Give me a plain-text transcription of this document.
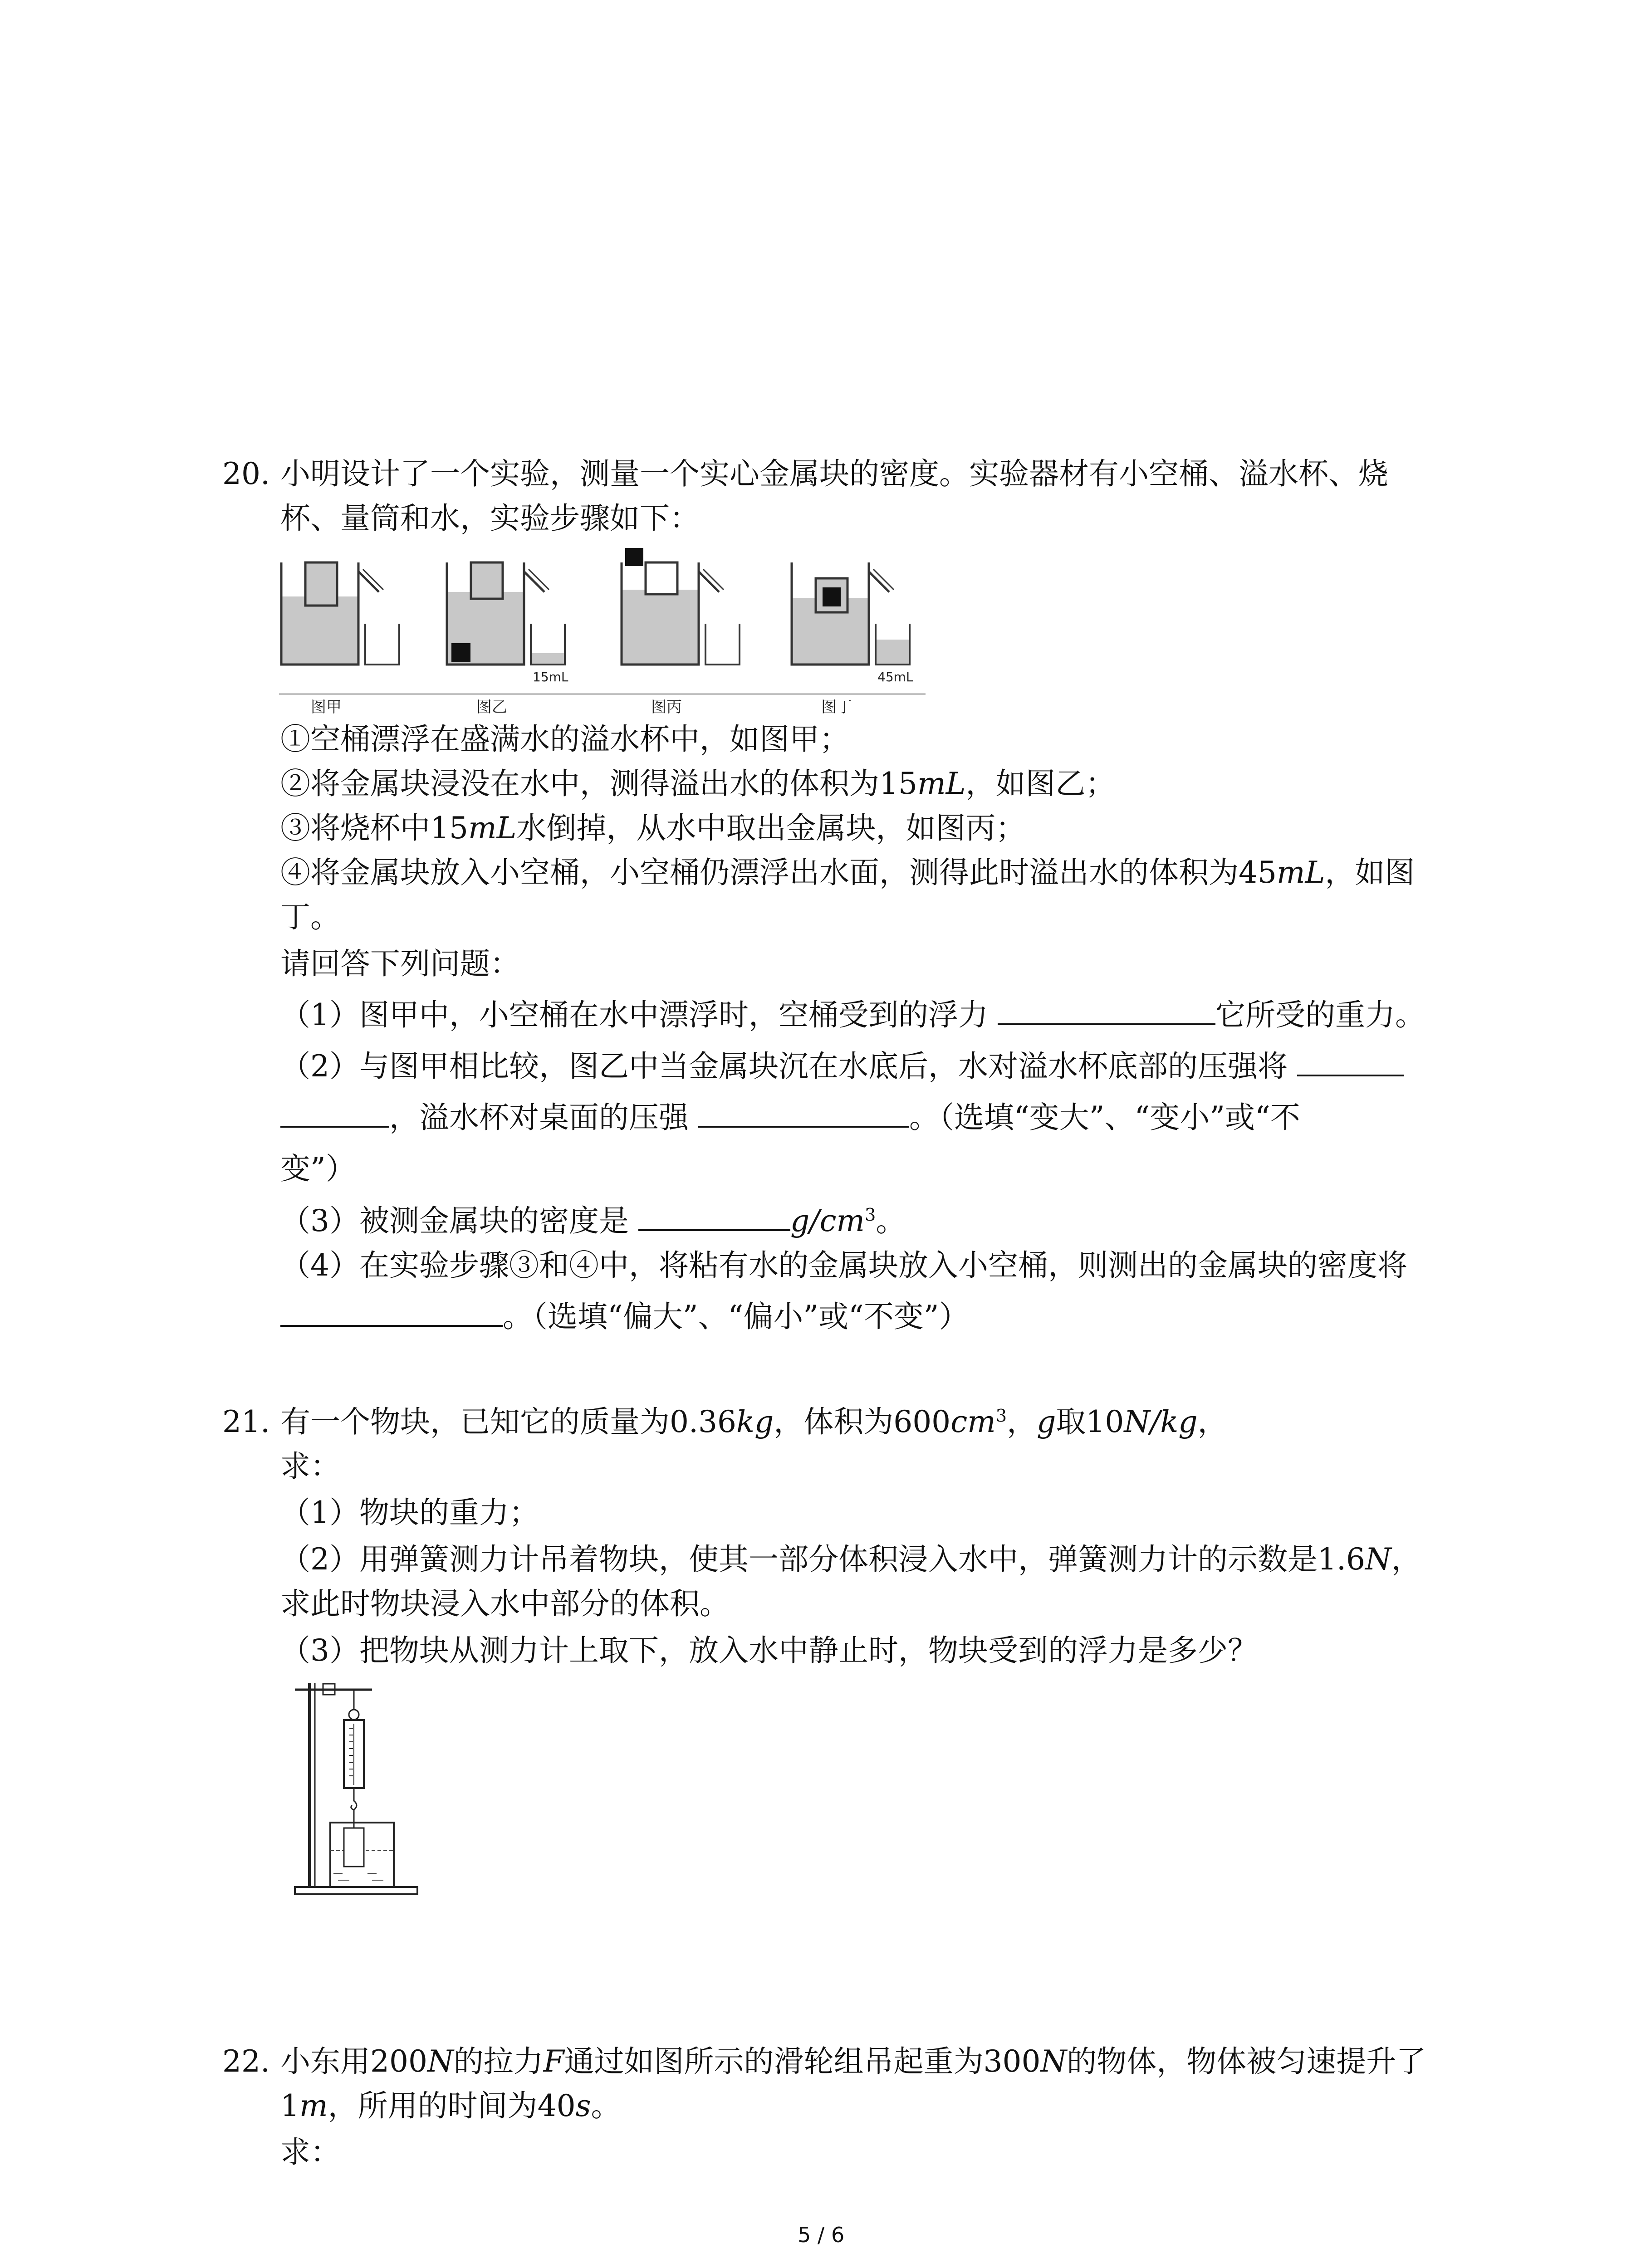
20. 小明设计了一个实验，测量一个实心金属块的密度。实验器材有小空桶、溢水杯、烧
杯、量筒和水，实验步骤如下：
15mL	45mL
图甲	图乙	图丙	图丁
①空桶漂浮在盛满水的溢水杯中，如图甲；
②将金属块浸没在水中，测得溢出水的体积为15mL，如图乙；
③将烧杯中15mL水倒掉，从水中取出金属块，如图丙；
④将金属块放入小空桶，小空桶仍漂浮出水面，测得此时溢出水的体积为45mL，如图
丁。
请回答下列问题：
（1）图甲中，小空桶在水中漂浮时，空桶受到的浮力	它所受的重力。
（2）与图甲相比较，图乙中当金属块沉在水底后，水对溢水杯底部的压强将
，溢水杯对桌面的压强	。（选填“变大”、“变小”或“不
变”）
（3）被测金属块的密度是	$g/cm^3$。
（4）在实验步骤③和④中，将粘有水的金属块放入小空桶，则测出的金属块的密度将
。（选填“偏大”、“偏小”或“不变”）
21. 有一个物块，已知它的质量为0.36kg，体积为$600cm^3$，g取10N/kg，
求：
（1）物块的重力；
（2）用弹簧测力计吊着物块，使其一部分体积浸入水中，弹簧测力计的示数是1.6N，
求此时物块浸入水中部分的体积。
（3）把物块从测力计上取下，放入水中静止时，物块受到的浮力是多少？
22. 小东用200N的拉力F通过如图所示的滑轮组吊起重为300N的物体，物体被匀速提升了
1m，所用的时间为40s。
求：
5 / 6
